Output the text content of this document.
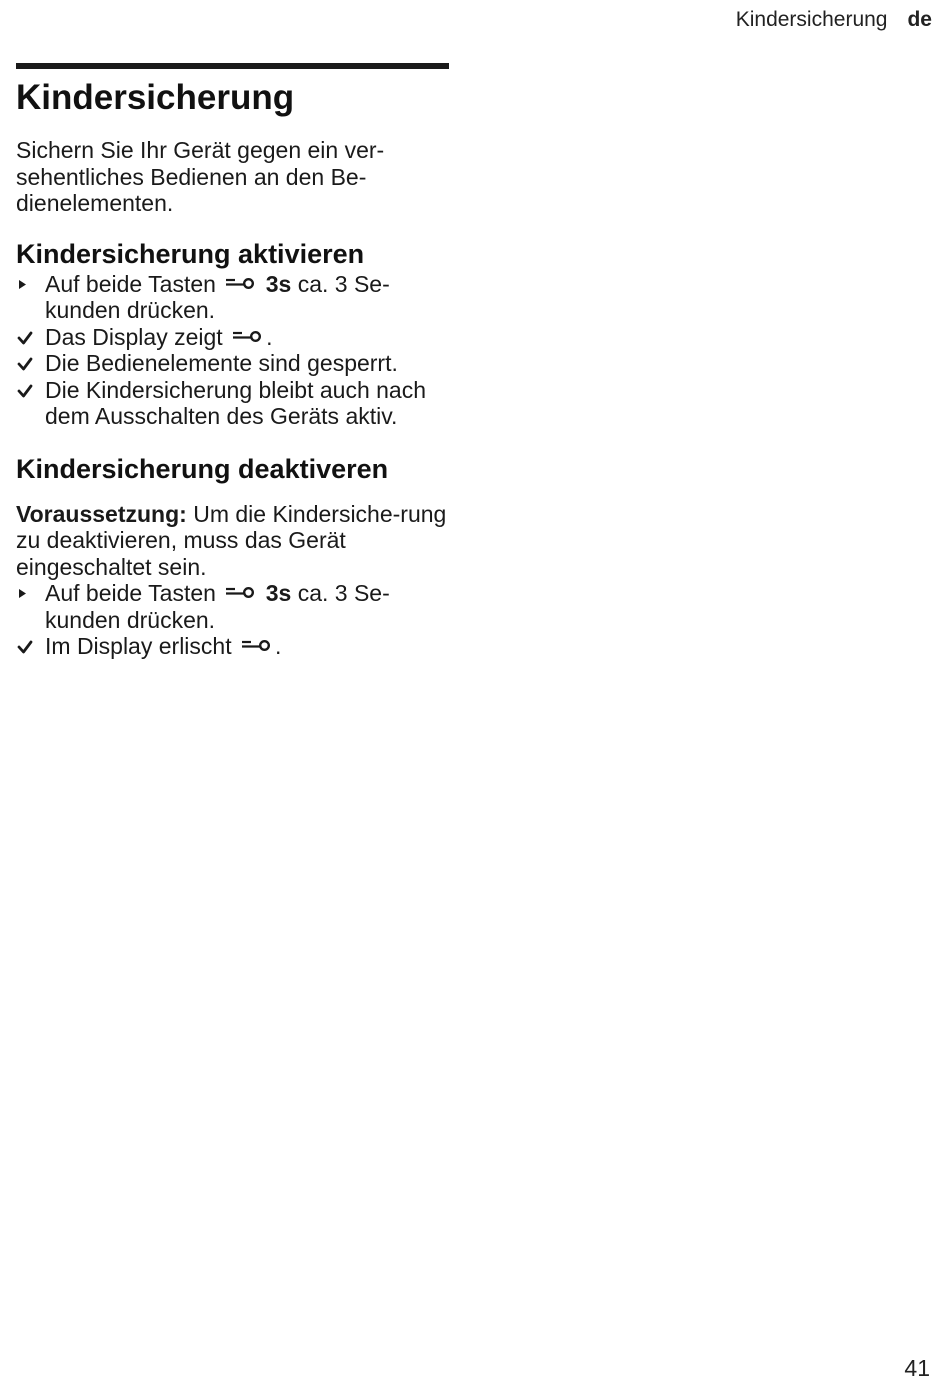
Kindersicherung de
Kindersicherung

Sichern Sie Ihr Gerät gegen ein ver-sehentliches Bedienen an den Be-dienelementen.

Kindersicherung aktivieren
Auf beide Tasten 3s ca. 3 Se-kunden drücken.
Das Display zeigt .
Die Bedienelemente sind gesperrt.
Die Kindersicherung bleibt auch nach dem Ausschalten des Geräts aktiv.
Kindersicherung deaktiveren

Voraussetzung: Um die Kindersiche-rung zu deaktivieren, muss das Gerät eingeschaltet sein.

Auf beide Tasten 3s ca. 3 Se-kunden drücken.
Im Display erlischt .
41
